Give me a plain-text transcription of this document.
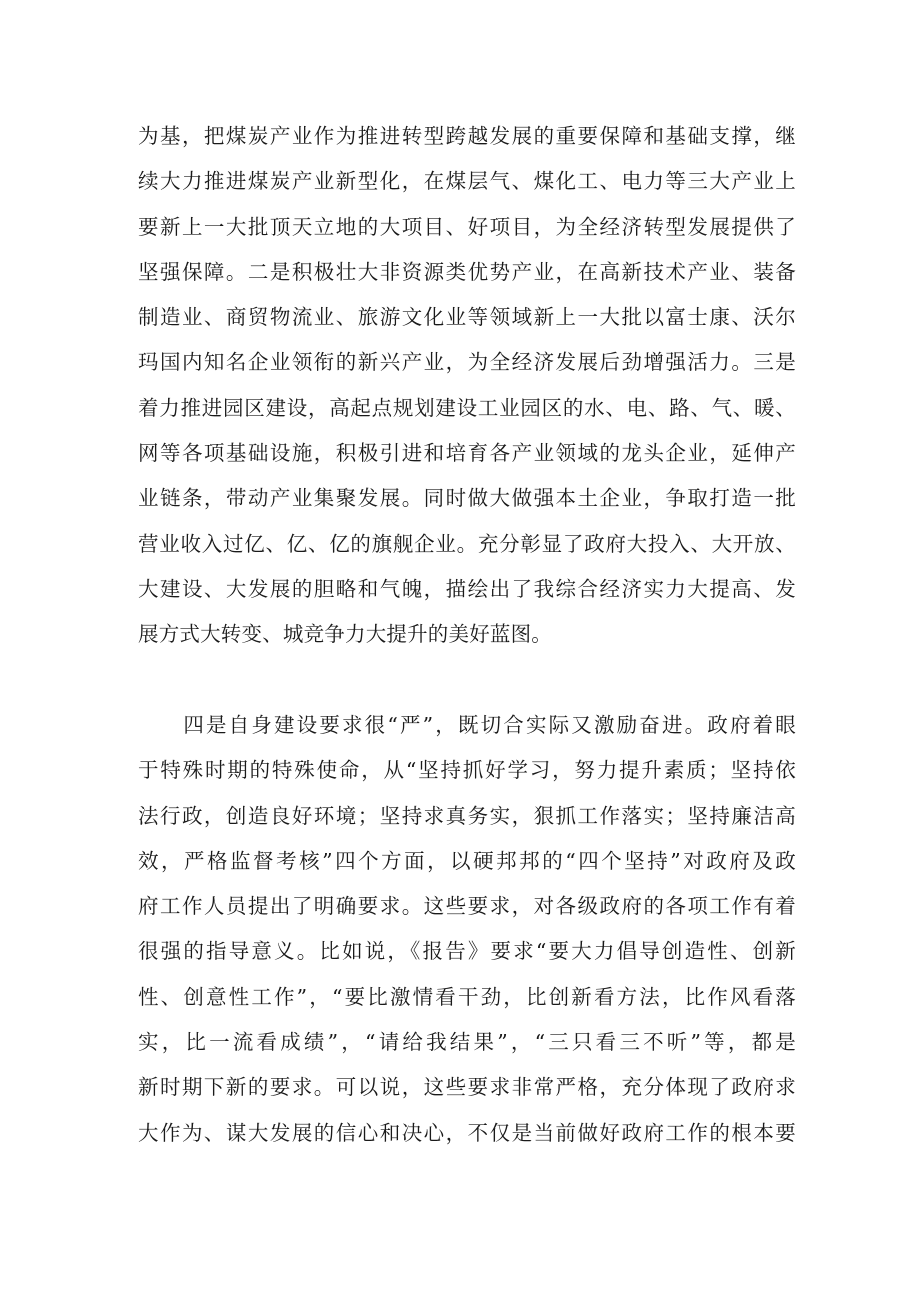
为基，把煤炭产业作为推进转型跨越发展的重要保障和基础支撑，继
续大力推进煤炭产业新型化，在煤层气、煤化工、电力等三大产业上
要新上一大批顶天立地的大项目、好项目，为全经济转型发展提供了
坚强保障。二是积极壮大非资源类优势产业，在高新技术产业、装备
制造业、商贸物流业、旅游文化业等领域新上一大批以富士康、沃尔
玛国内知名企业领衔的新兴产业，为全经济发展后劲增强活力。三是
着力推进园区建设，高起点规划建设工业园区的水、电、路、气、暖、
网等各项基础设施，积极引进和培育各产业领域的龙头企业，延伸产
业链条，带动产业集聚发展。同时做大做强本土企业，争取打造一批
营业收入过亿、亿、亿的旗舰企业。充分彰显了政府大投入、大开放、
大建设、大发展的胆略和气魄，描绘出了我综合经济实力大提高、发
展方式大转变、城竞争力大提升的美好蓝图。
　　四是自身建设要求很“严”，既切合实际又激励奋进。政府着眼
于特殊时期的特殊使命，从“坚持抓好学习，努力提升素质；坚持依
法行政，创造良好环境；坚持求真务实，狠抓工作落实；坚持廉洁高
效，严格监督考核”四个方面，以硬邦邦的“四个坚持”对政府及政
府工作人员提出了明确要求。这些要求，对各级政府的各项工作有着
很强的指导意义。比如说，《报告》要求“要大力倡导创造性、创新
性、创意性工作”，“要比激情看干劲，比创新看方法，比作风看落
实，比一流看成绩”，“请给我结果”，“三只看三不听”等，都是
新时期下新的要求。可以说，这些要求非常严格，充分体现了政府求
大作为、谋大发展的信心和决心，不仅是当前做好政府工作的根本要
